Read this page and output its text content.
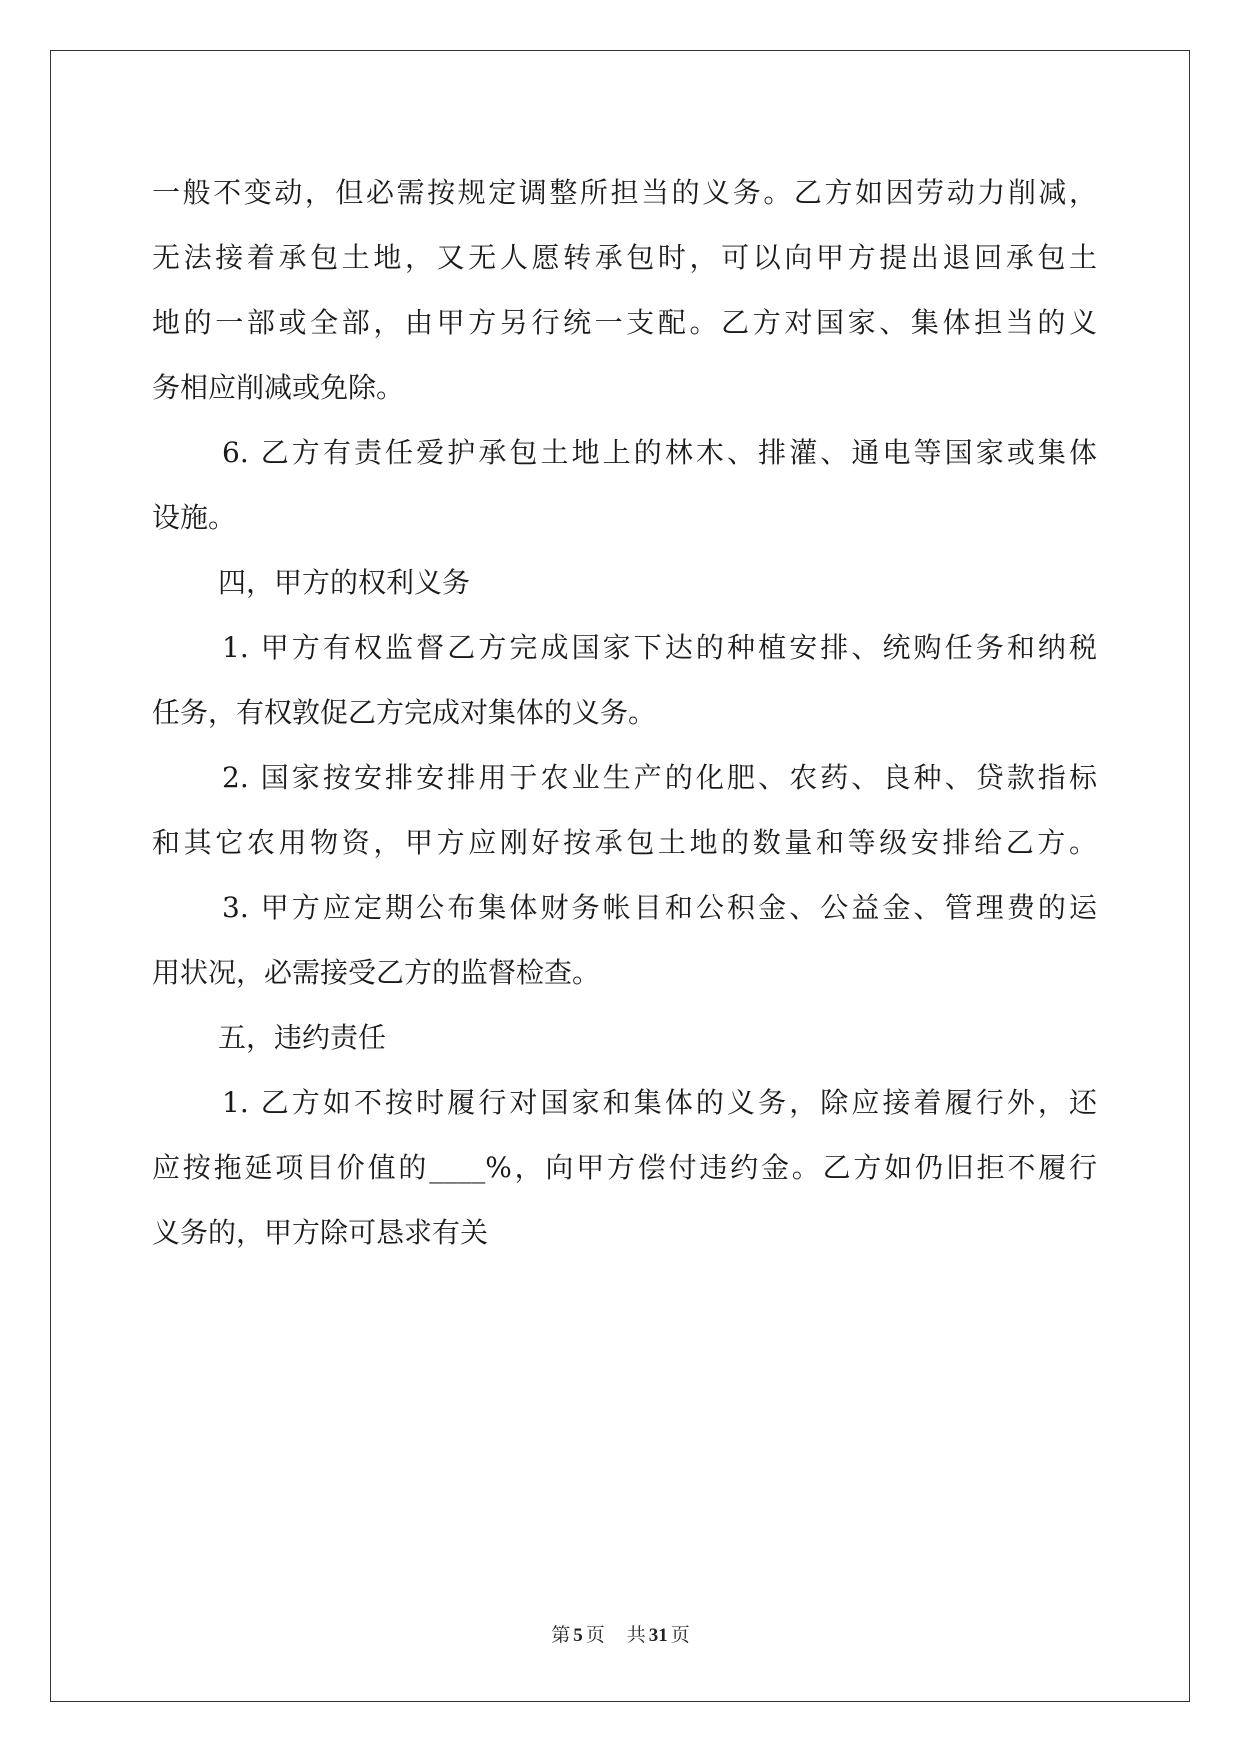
一般不变动，但必需按规定调整所担当的义务。乙方如因劳动力削减，
无法接着承包土地，又无人愿转承包时，可以向甲方提出退回承包土
地的一部或全部，由甲方另行统一支配。乙方对国家、集体担当的义
务相应削减或免除。
6. 乙方有责任爱护承包土地上的林木、排灌、通电等国家或集体
设施。
四，甲方的权利义务
1. 甲方有权监督乙方完成国家下达的种植安排、统购任务和纳税
任务，有权敦促乙方完成对集体的义务。
2. 国家按安排安排用于农业生产的化肥、农药、良种、贷款指标
和其它农用物资，甲方应刚好按承包土地的数量和等级安排给乙方。
3. 甲方应定期公布集体财务帐目和公积金、公益金、管理费的运
用状况，必需接受乙方的监督检查。
五，违约责任
1. 乙方如不按时履行对国家和集体的义务，除应接着履行外，还
应按拖延项目价值的____%，向甲方偿付违约金。乙方如仍旧拒不履行
义务的，甲方除可恳求有关
第 5 页 共 31 页
